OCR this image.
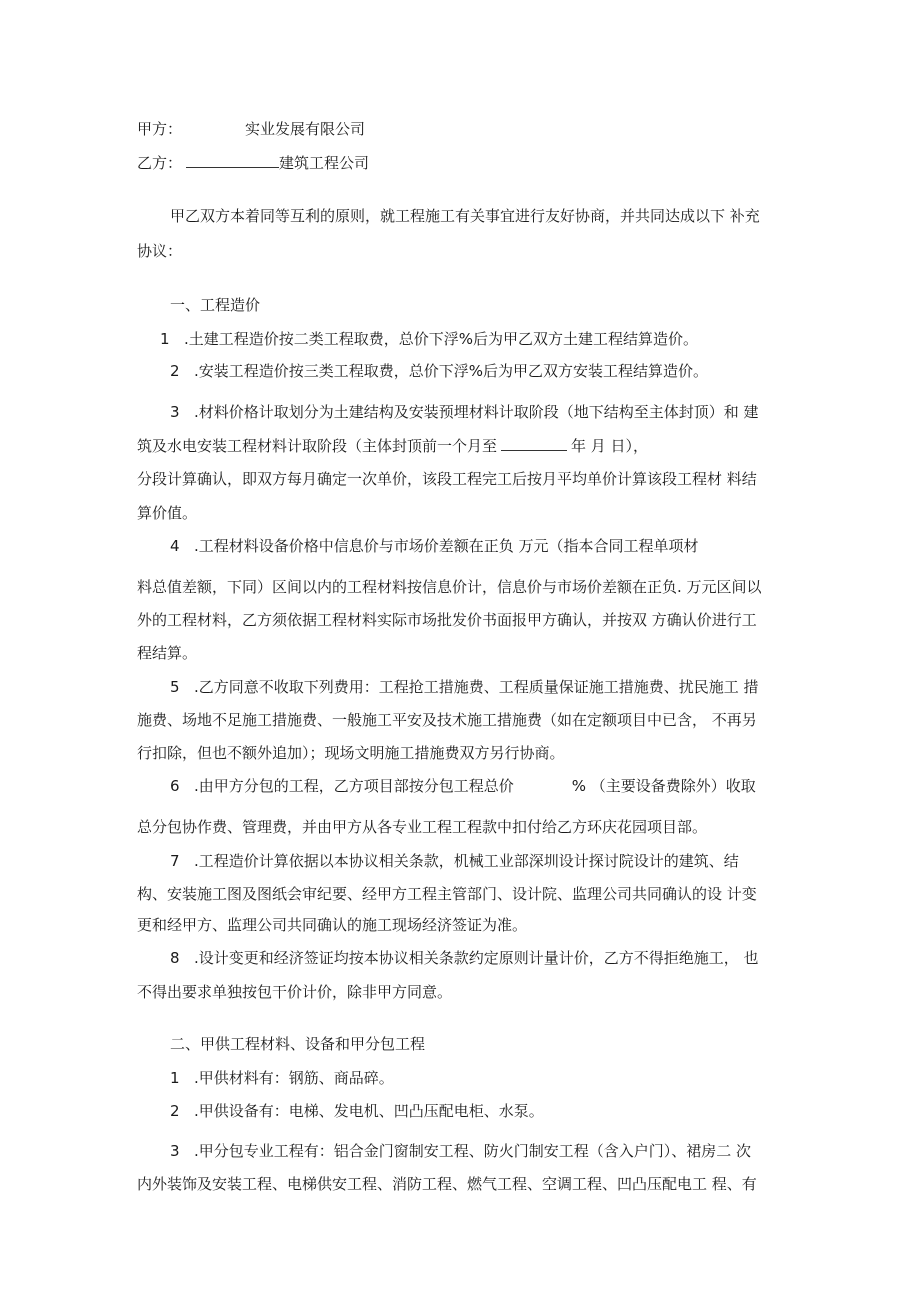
甲方：	实业发展有限公司
乙方：	建筑工程公司
甲乙双方本着同等互利的原则，就工程施工有关事宜进行友好协商，并共同达成以下 补充
协议：
一、工程造价
1 .土建工程造价按二类工程取费，总价下浮%后为甲乙双方土建工程结算造价。
2 .安装工程造价按三类工程取费，总价下浮%后为甲乙双方安装工程结算造价。
3 .材料价格计取划分为土建结构及安装预埋材料计取阶段（地下结构至主体封顶）和 建
筑及水电安装工程材料计取阶段（主体封顶前一个月至	年 月 日），
分段计算确认，即双方每月确定一次单价，该段工程完工后按月平均单价计算该段工程材 料结
算价值。
4 .工程材料设备价格中信息价与市场价差额在正负 万元（指本合同工程单项材
料总值差额，下同）区间以内的工程材料按信息价计，信息价与市场价差额在正负. 万元区间以
外的工程材料，乙方须依据工程材料实际市场批发价书面报甲方确认，并按双 方确认价进行工
程结算。
5 .乙方同意不收取下列费用：工程抢工措施费、工程质量保证施工措施费、扰民施工 措
施费、场地不足施工措施费、一般施工平安及技术施工措施费（如在定额项目中已含， 不再另
行扣除，但也不额外追加）；现场文明施工措施费双方另行协商。
6 .由甲方分包的工程，乙方项目部按分包工程总价	% （主要设备费除外）收取
总分包协作费、管理费，并由甲方从各专业工程工程款中扣付给乙方环庆花园项目部。
7 .工程造价计算依据以本协议相关条款，机械工业部深圳设计探讨院设计的建筑、结
构、安装施工图及图纸会审纪要、经甲方工程主管部门、设计院、监理公司共同确认的设 计变
更和经甲方、监理公司共同确认的施工现场经济签证为准。
8 .设计变更和经济签证均按本协议相关条款约定原则计量计价，乙方不得拒绝施工， 也
不得出要求单独按包干价计价，除非甲方同意。
二、甲供工程材料、设备和甲分包工程
1 .甲供材料有：钢筋、商品碎。
2 .甲供设备有：电梯、发电机、凹凸压配电柜、水泵。
3 .甲分包专业工程有：铝合金门窗制安工程、防火门制安工程（含入户门）、裙房二 次
内外装饰及安装工程、电梯供安工程、消防工程、燃气工程、空调工程、凹凸压配电工 程、有
